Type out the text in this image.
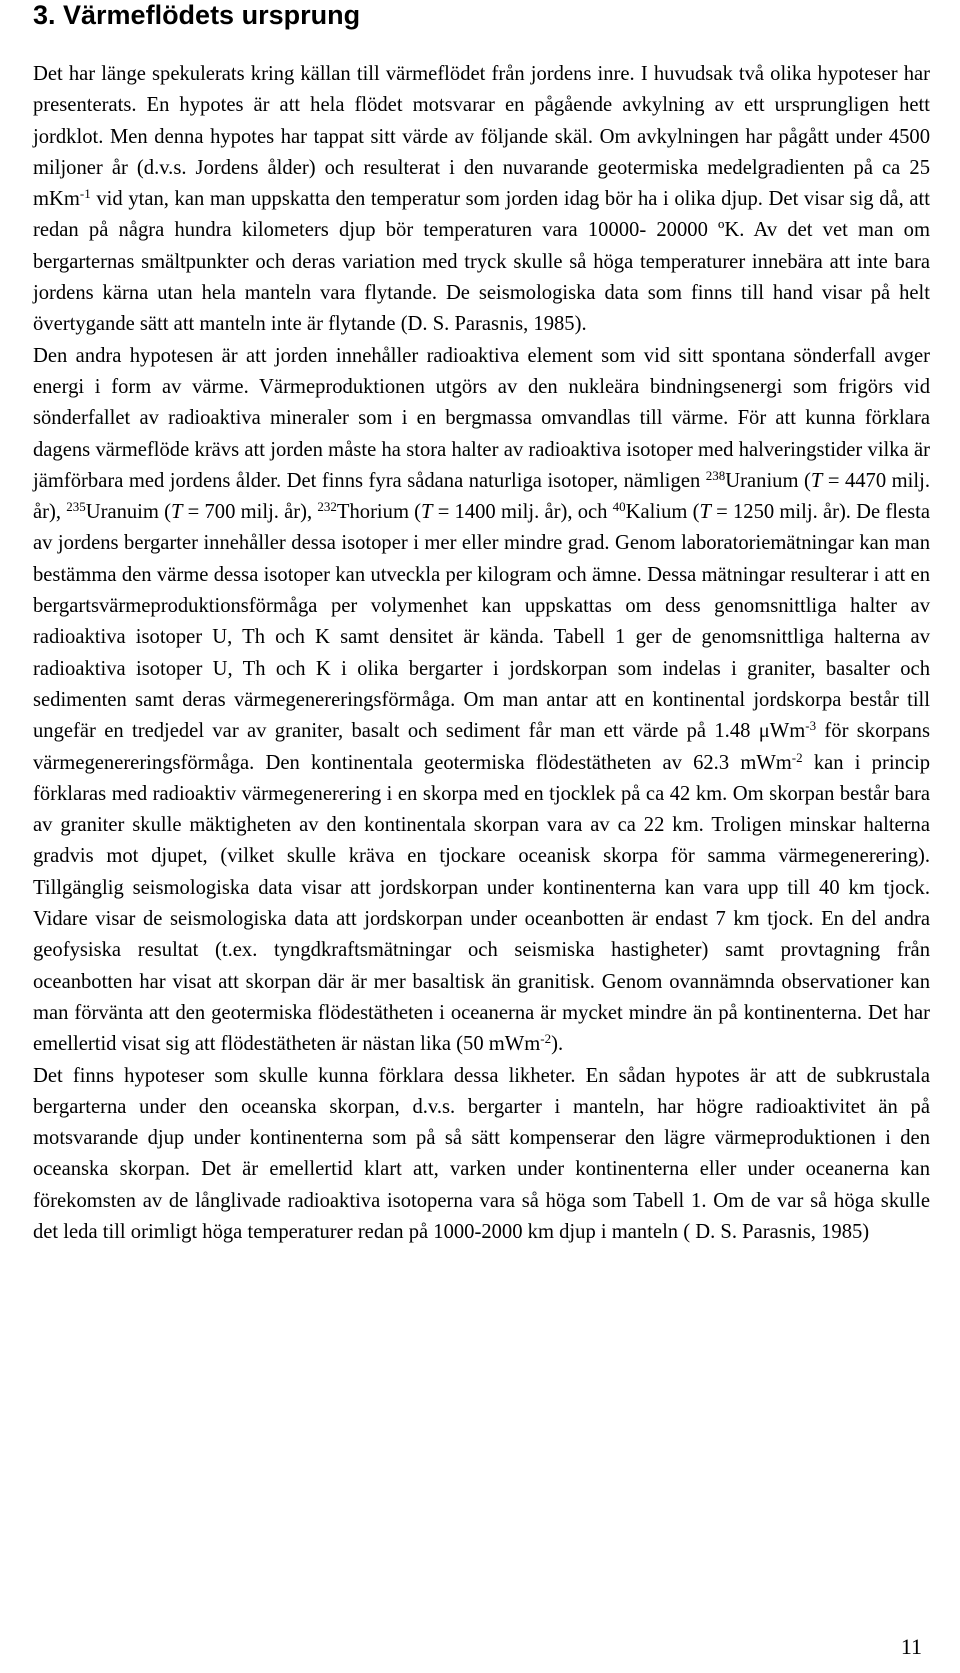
3. Värmeflödets ursprung

Det har länge spekulerats kring källan till värmeflödet från jordens inre. I huvudsak två olika hypoteser har presenterats. En hypotes är att hela flödet motsvarar en pågående avkylning av ett ursprungligen hett jordklot. Men denna hypotes har tappat sitt värde av följande skäl. Om avkylningen har pågått under 4500 miljoner år (d.v.s. Jordens ålder) och resulterat i den nuvarande geotermiska medelgradienten på ca 25 mKm$^{-1}$ vid ytan, kan man uppskatta den temperatur som jorden idag bör ha i olika djup. Det visar sig då, att redan på några hundra kilometers djup bör temperaturen vara 10000- 20000 ºK. Av det vet man om bergarternas smältpunkter och deras variation med tryck skulle så höga temperaturer innebära att inte bara jordens kärna utan hela manteln vara flytande. De seismologiska data som finns till hand visar på helt övertygande sätt att manteln inte är flytande (D. S. Parasnis, 1985).

Den andra hypotesen är att jorden innehåller radioaktiva element som vid sitt spontana sönderfall avger energi i form av värme. Värmeproduktionen utgörs av den nukleära bindningsenergi som frigörs vid sönderfallet av radioaktiva mineraler som i en bergmassa omvandlas till värme. För att kunna förklara dagens värmeflöde krävs att jorden måste ha stora halter av radioaktiva isotoper med halveringstider vilka är jämförbara med jordens ålder. Det finns fyra sådana naturliga isotoper, nämligen $^{238}$Uranium (T = 4470 milj. år), $^{235}$Uranuim (T = 700 milj. år), $^{232}$Thorium (T = 1400 milj. år), och $^{40}$Kalium (T = 1250 milj. år). De flesta av jordens bergarter innehåller dessa isotoper i mer eller mindre grad. Genom laboratoriemätningar kan man bestämma den värme dessa isotoper kan utveckla per kilogram och ämne. Dessa mätningar resulterar i att en bergartsvärmeproduktionsförmåga per volymenhet kan uppskattas om dess genomsnittliga halter av radioaktiva isotoper U, Th och K samt densitet är kända. Tabell 1 ger de genomsnittliga halterna av radioaktiva isotoper U, Th och K i olika bergarter i jordskorpan som indelas i graniter, basalter och sedimenten samt deras värmegenereringsförmåga. Om man antar att en kontinental jordskorpa består till ungefär en tredjedel var av graniter, basalt och sediment får man ett värde på 1.48 μWm$^{-3}$ för skorpans värmegenereringsförmåga. Den kontinentala geotermiska flödestätheten av 62.3 mWm$^{-2}$ kan i princip förklaras med radioaktiv värmegenerering i en skorpa med en tjocklek på ca 42 km. Om skorpan består bara av graniter skulle mäktigheten av den kontinentala skorpan vara av ca 22 km. Troligen minskar halterna gradvis mot djupet, (vilket skulle kräva en tjockare oceanisk skorpa för samma värmegenerering). Tillgänglig seismologiska data visar att jordskorpan under kontinenterna kan vara upp till 40 km tjock. Vidare visar de seismologiska data att jordskorpan under oceanbotten är endast 7 km tjock. En del andra geofysiska resultat (t.ex. tyngdkraftsmätningar och seismiska hastigheter) samt provtagning från oceanbotten har visat att skorpan där är mer basaltisk än granitisk. Genom ovannämnda observationer kan man förvänta att den geotermiska flödestätheten i oceanerna är mycket mindre än på kontinenterna. Det har emellertid visat sig att flödestätheten är nästan lika (50 mWm$^{-2}$).

Det finns hypoteser som skulle kunna förklara dessa likheter. En sådan hypotes är att de subkrustala bergarterna under den oceanska skorpan, d.v.s. bergarter i manteln, har högre radioaktivitet än på motsvarande djup under kontinenterna som på så sätt kompenserar den lägre värmeproduktionen i den oceanska skorpan. Det är emellertid klart att, varken under kontinenterna eller under oceanerna kan förekomsten av de långlivade radioaktiva isotoperna vara så höga som Tabell 1. Om de var så höga skulle det leda till orimligt höga temperaturer redan på 1000-2000 km djup i manteln ( D. S. Parasnis, 1985)

11
